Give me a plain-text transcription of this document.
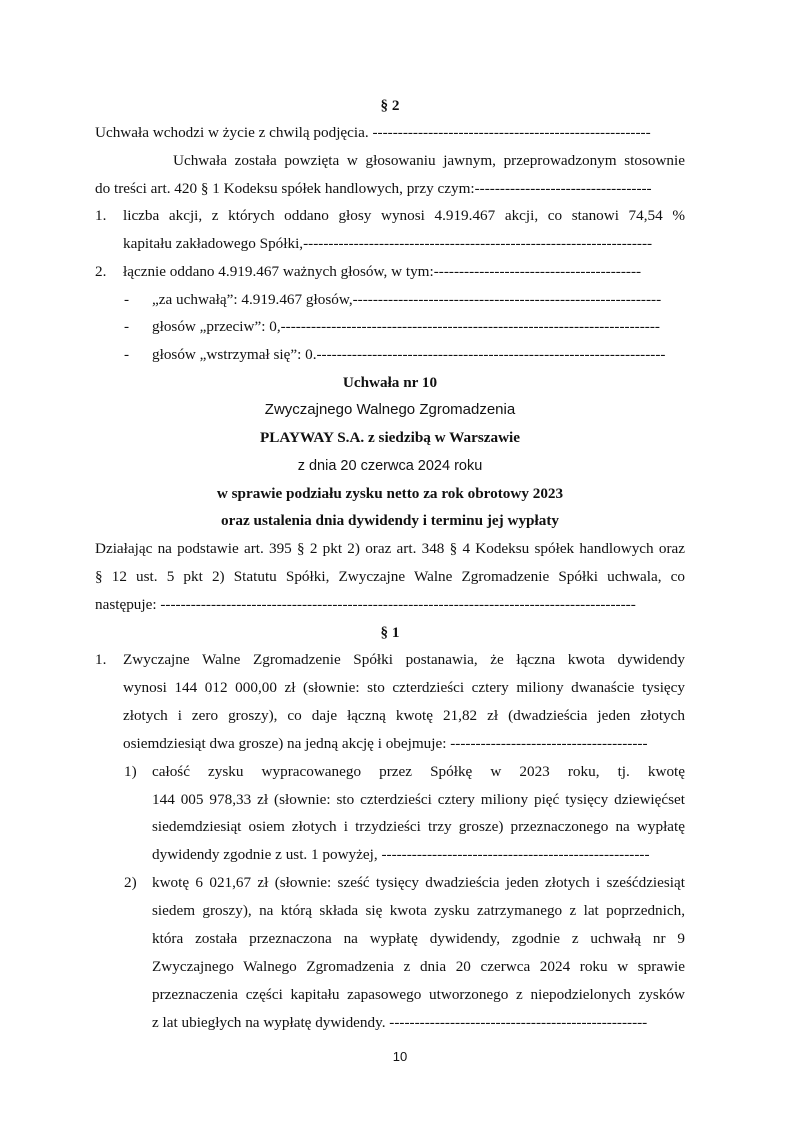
§ 2
Uchwała wchodzi w życie z chwilą podjęcia. -------------------------------------------------------
Uchwała została powzięta w głosowaniu jawnym, przeprowadzonym stosownie
do treści art. 420 § 1 Kodeksu spółek handlowych, przy czym:-----------------------------------
1. liczba akcji, z których oddano głosy wynosi 4.919.467 akcji, co stanowi 74,54 %
kapitału zakładowego Spółki,---------------------------------------------------------------------
2. łącznie oddano 4.919.467 ważnych głosów, w tym:-----------------------------------------
- „za uchwałą”: 4.919.467 głosów,-------------------------------------------------------------
- głosów „przeciw”: 0,---------------------------------------------------------------------------
- głosów „wstrzymał się”: 0.---------------------------------------------------------------------
Uchwała nr 10
Zwyczajnego Walnego Zgromadzenia
PLAYWAY S.A. z siedzibą w Warszawie
z dnia 20 czerwca 2024 roku
w sprawie podziału zysku netto za rok obrotowy 2023
oraz ustalenia dnia dywidendy i terminu jej wypłaty
Działając na podstawie art. 395 § 2 pkt 2) oraz art. 348 § 4 Kodeksu spółek handlowych oraz
§ 12 ust. 5 pkt 2) Statutu Spółki, Zwyczajne Walne Zgromadzenie Spółki uchwala, co
następuje: ----------------------------------------------------------------------------------------------
§ 1
1. Zwyczajne Walne Zgromadzenie Spółki postanawia, że łączna kwota dywidendy
wynosi 144 012 000,00 zł (słownie: sto czterdzieści cztery miliony dwanaście tysięcy
złotych i zero groszy), co daje łączną kwotę 21,82 zł (dwadzieścia jeden złotych
osiemdziesiąt dwa grosze) na jedną akcję i obejmuje: ---------------------------------------
1) całość zysku wypracowanego przez Spółkę w 2023 roku, tj. kwotę
144 005 978,33 zł (słownie: sto czterdzieści cztery miliony pięć tysięcy dziewięćset
siedemdziesiąt osiem złotych i trzydzieści trzy grosze) przeznaczonego na wypłatę
dywidendy zgodnie z ust. 1 powyżej, -----------------------------------------------------
2) kwotę 6 021,67 zł (słownie: sześć tysięcy dwadzieścia jeden złotych i sześćdziesiąt
siedem groszy), na którą składa się kwota zysku zatrzymanego z lat poprzednich,
która została przeznaczona na wypłatę dywidendy, zgodnie z uchwałą nr 9
Zwyczajnego Walnego Zgromadzenia z dnia 20 czerwca 2024 roku w sprawie
przeznaczenia części kapitału zapasowego utworzonego z niepodzielonych zysków
z lat ubiegłych na wypłatę dywidendy. ---------------------------------------------------
10
